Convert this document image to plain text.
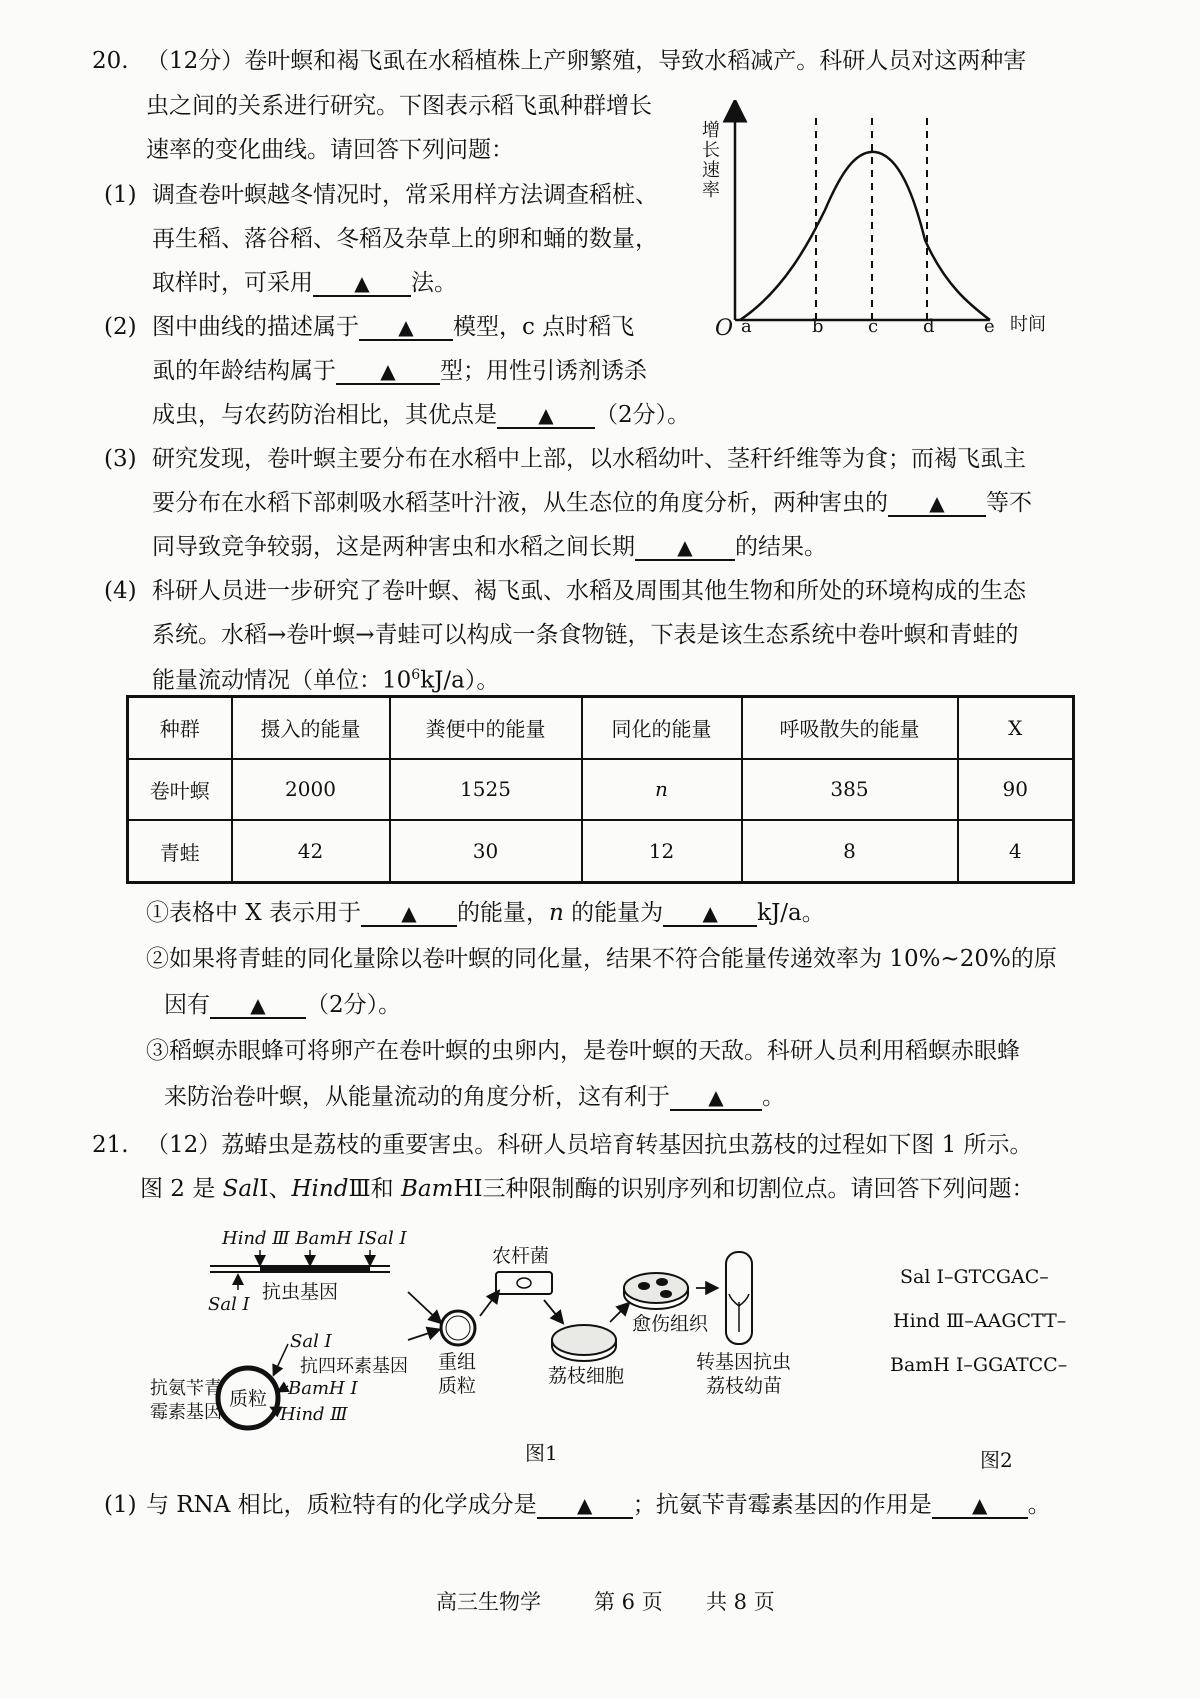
20. （12分）卷叶螟和褐飞虱在水稻植株上产卵繁殖，导致水稻减产。科研人员对这两种害
虫之间的关系进行研究。下图表示稻飞虱种群增长
速率的变化曲线。请回答下列问题：
(1) 调查卷叶螟越冬情况时，常采用样方法调查稻桩、
再生稻、落谷稻、冬稻及杂草上的卵和蛹的数量，
取样时，可采用 ▲ 法。
(2) 图中曲线的描述属于 ▲ 模型，c 点时稻飞
虱的年龄结构属于 ▲ 型；用性引诱剂诱杀
成虫，与农药防治相比，其优点是 ▲ （2分）。
(3) 研究发现，卷叶螟主要分布在水稻中上部，以水稻幼叶、茎秆纤维等为食；而褐飞虱主
要分布在水稻下部刺吸水稻茎叶汁液，从生态位的角度分析，两种害虫的 ▲ 等不
同导致竞争较弱，这是两种害虫和水稻之间长期 ▲ 的结果。
(4) 科研人员进一步研究了卷叶螟、褐飞虱、水稻及周围其他生物和所处的环境构成的生态
系统。水稻→卷叶螟→青蛙可以构成一条食物链，下表是该生态系统中卷叶螟和青蛙的
能量流动情况（单位：$10^6kJ/a$）。
增长速率
时间
O a	b c d	e
种群	摄入的能量	粪便中的能量	同化的能量	呼吸散失的能量	X
卷叶螟	2000	1525	n	385	90
青蛙	42	30	12	8	4
①表格中 X 表示用于 ▲ 的能量，n 的能量为 ▲ kJ/a。
②如果将青蛙的同化量除以卷叶螟的同化量，结果不符合能量传递效率为 10%~20%的原
因有 ▲ （2分）。
③稻螟赤眼蜂可将卵产在卷叶螟的虫卵内，是卷叶螟的天敌。科研人员利用稻螟赤眼蜂
来防治卷叶螟，从能量流动的角度分析，这有利于 ▲ 。
21. （12）荔蝽虫是荔枝的重要害虫。科研人员培育转基因抗虫荔枝的过程如下图 1 所示。
图 2 是 SalⅠ、HindⅢ和 BamHⅠ三种限制酶的识别序列和切割位点。请回答下列问题：
Hind Ⅲ BamH ⅠSal Ⅰ
Sal Ⅰ
抗虫基因
质粒
Sal Ⅰ
抗四环素基因
BamH Ⅰ
Hind Ⅲ
抗氨苄青
霉素基因
重组
质粒
农杆菌
荔枝细胞
愈伤组织
转基因抗虫
荔枝幼苗
图1
Sal Ⅰ–GTCGAC–
Hind Ⅲ–AAGCTT–
BamH Ⅰ–GGATCC–
图2
(1) 与 RNA 相比，质粒特有的化学成分是 ▲ ；抗氨苄青霉素基因的作用是 ▲ 。
高三生物学	第 6 页 共 8 页
